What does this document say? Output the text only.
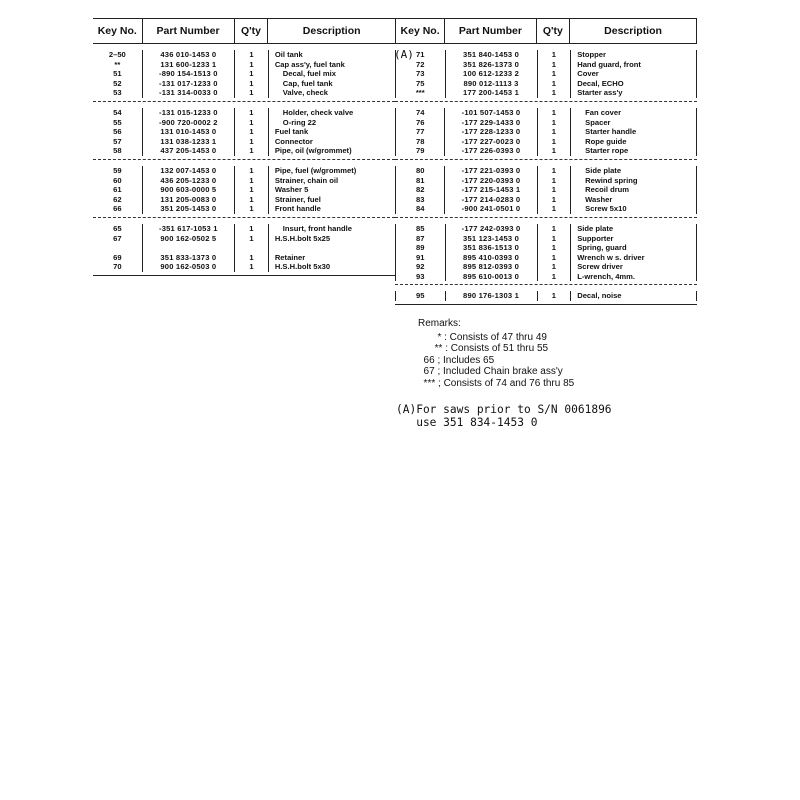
Key No.	Part Number	Q'ty	Description
2–50	436 010-1453 0	1	Oil tank
**	131 600-1233 1	1	Cap ass'y, fuel tank
51	-890 154-1513 0	1	Decal, fuel mix
52	-131 017-1233 0	1	Cap, fuel tank
53	-131 314-0033 0	1	Valve, check
54	-131 015-1233 0	1	Holder, check valve
55	-900 720-0002 2	1	O-ring 22
56	131 010-1453 0	1	Fuel tank
57	131 038-1233 1	1	Connector
58	437 205-1453 0	1	Pipe, oil (w/grommet)
59	132 007-1453 0	1	Pipe, fuel (w/grommet)
60	436 205-1233 0	1	Strainer, chain oil
61	900 603-0000 5	1	Washer 5
62	131 205-0083 0	1	Strainer, fuel
66	351 205-1453 0	1	Front handle
65	-351 617-1053 1	1	Insurt, front handle
67	900 162-0502 5	1	H.S.H.bolt 5x25
69	351 833-1373 0	1	Retainer
70	900 162-0503 0	1	H.S.H.bolt 5x30
Key No.	Part Number	Q'ty	Description
71	351 840-1453 0	1	Stopper
(A)
72	351 826-1373 0	1	Hand guard, front
73	100 612-1233 2	1	Cover
75	890 012-1113 3	1	Decal, ECHO
***	177 200-1453 1	1	Starter ass'y
74	-101 507-1453 0	1	Fan cover
76	-177 229-1433 0	1	Spacer
77	-177 228-1233 0	1	Starter handle
78	-177 227-0023 0	1	Rope guide
79	-177 226-0393 0	1	Starter rope
80	-177 221-0393 0	1	Side plate
81	-177 220-0393 0	1	Rewind spring
82	-177 215-1453 1	1	Recoil drum
83	-177 214-0283 0	1	Washer
84	-900 241-0501 0	1	Screw 5x10
85	-177 242-0393 0	1	Side plate
87	351 123-1453 0	1	Supporter
89	351 836-1513 0	1	Spring, guard
91	895 410-0393 0	1	Wrench w s. driver
92	895 812-0393 0	1	Screw driver
93	895 610-0013 0	1	L-wrench, 4mm.
95	890 176-1303 1	1	Decal, noise
Remarks:
* : Consists of 47 thru 49
** : Consists of 51 thru 55
66 ; Includes 65
67 ; Included Chain brake ass'y
*** ; Consists of 74 and 76 thru 85
(A)For saws prior to S/N 0061896
use 351 834-1453 0
